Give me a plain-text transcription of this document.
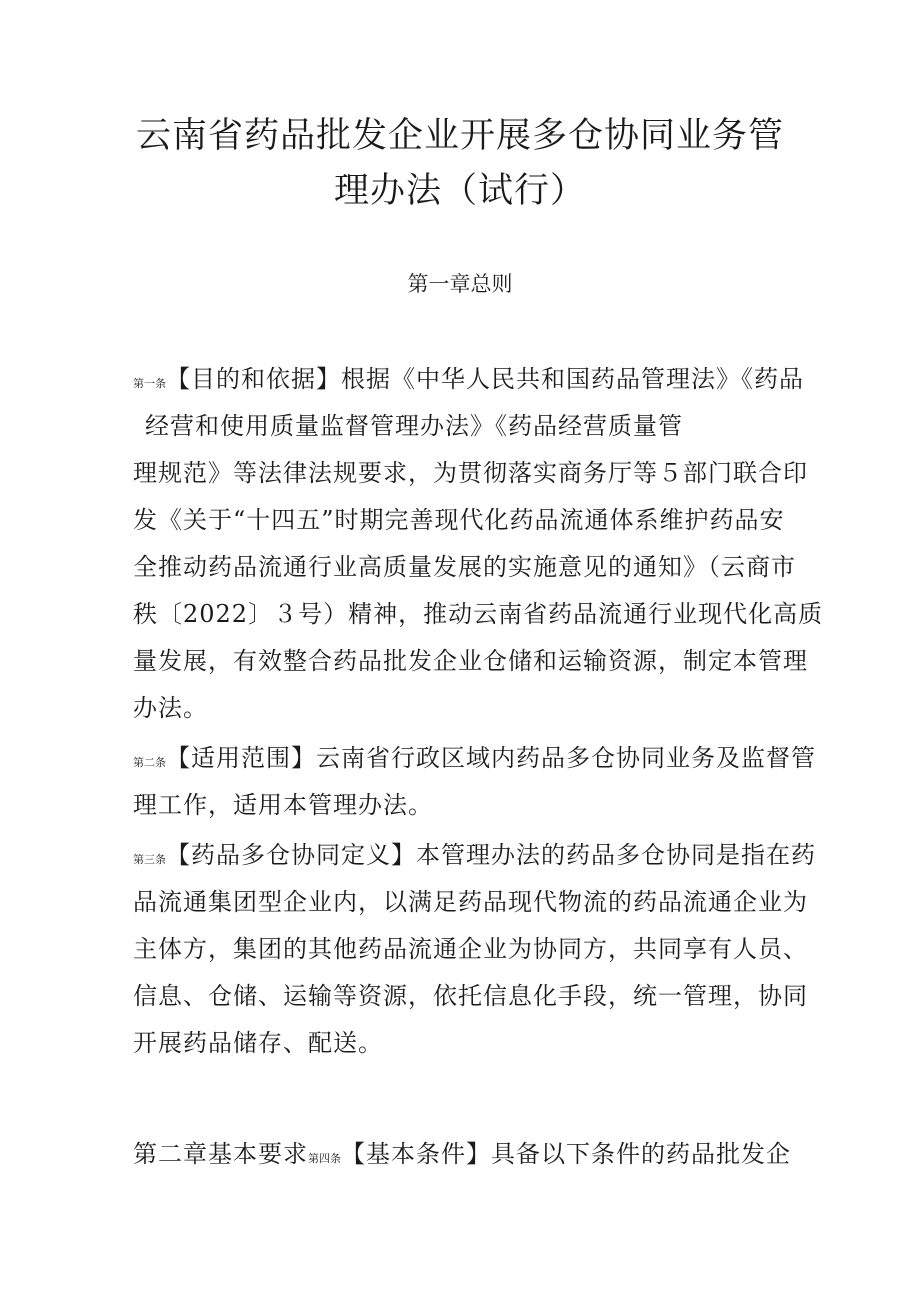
云南省药品批发企业开展多仓协同业务管
理办法（试行）
第一章总则
第一条【目的和依据】根据《中华人民共和国药品管理法》《药品
经营和使用质量监督管理办法》《药品经营质量管
理规范》等法律法规要求，为贯彻落实商务厅等５部门联合印
发《关于“十四五”时期完善现代化药品流通体系维护药品安
全推动药品流通行业高质量发展的实施意见的通知》（云商市
秩〔2022〕３号）精神，推动云南省药品流通行业现代化高质
量发展，有效整合药品批发企业仓储和运输资源，制定本管理
办法。
第二条【适用范围】云南省行政区域内药品多仓协同业务及监督管
理工作，适用本管理办法。
第三条【药品多仓协同定义】本管理办法的药品多仓协同是指在药
品流通集团型企业内，以满足药品现代物流的药品流通企业为
主体方，集团的其他药品流通企业为协同方，共同享有人员、
信息、仓储、运输等资源，依托信息化手段，统一管理，协同
开展药品储存、配送。
第二章基本要求第四条【基本条件】具备以下条件的药品批发企
